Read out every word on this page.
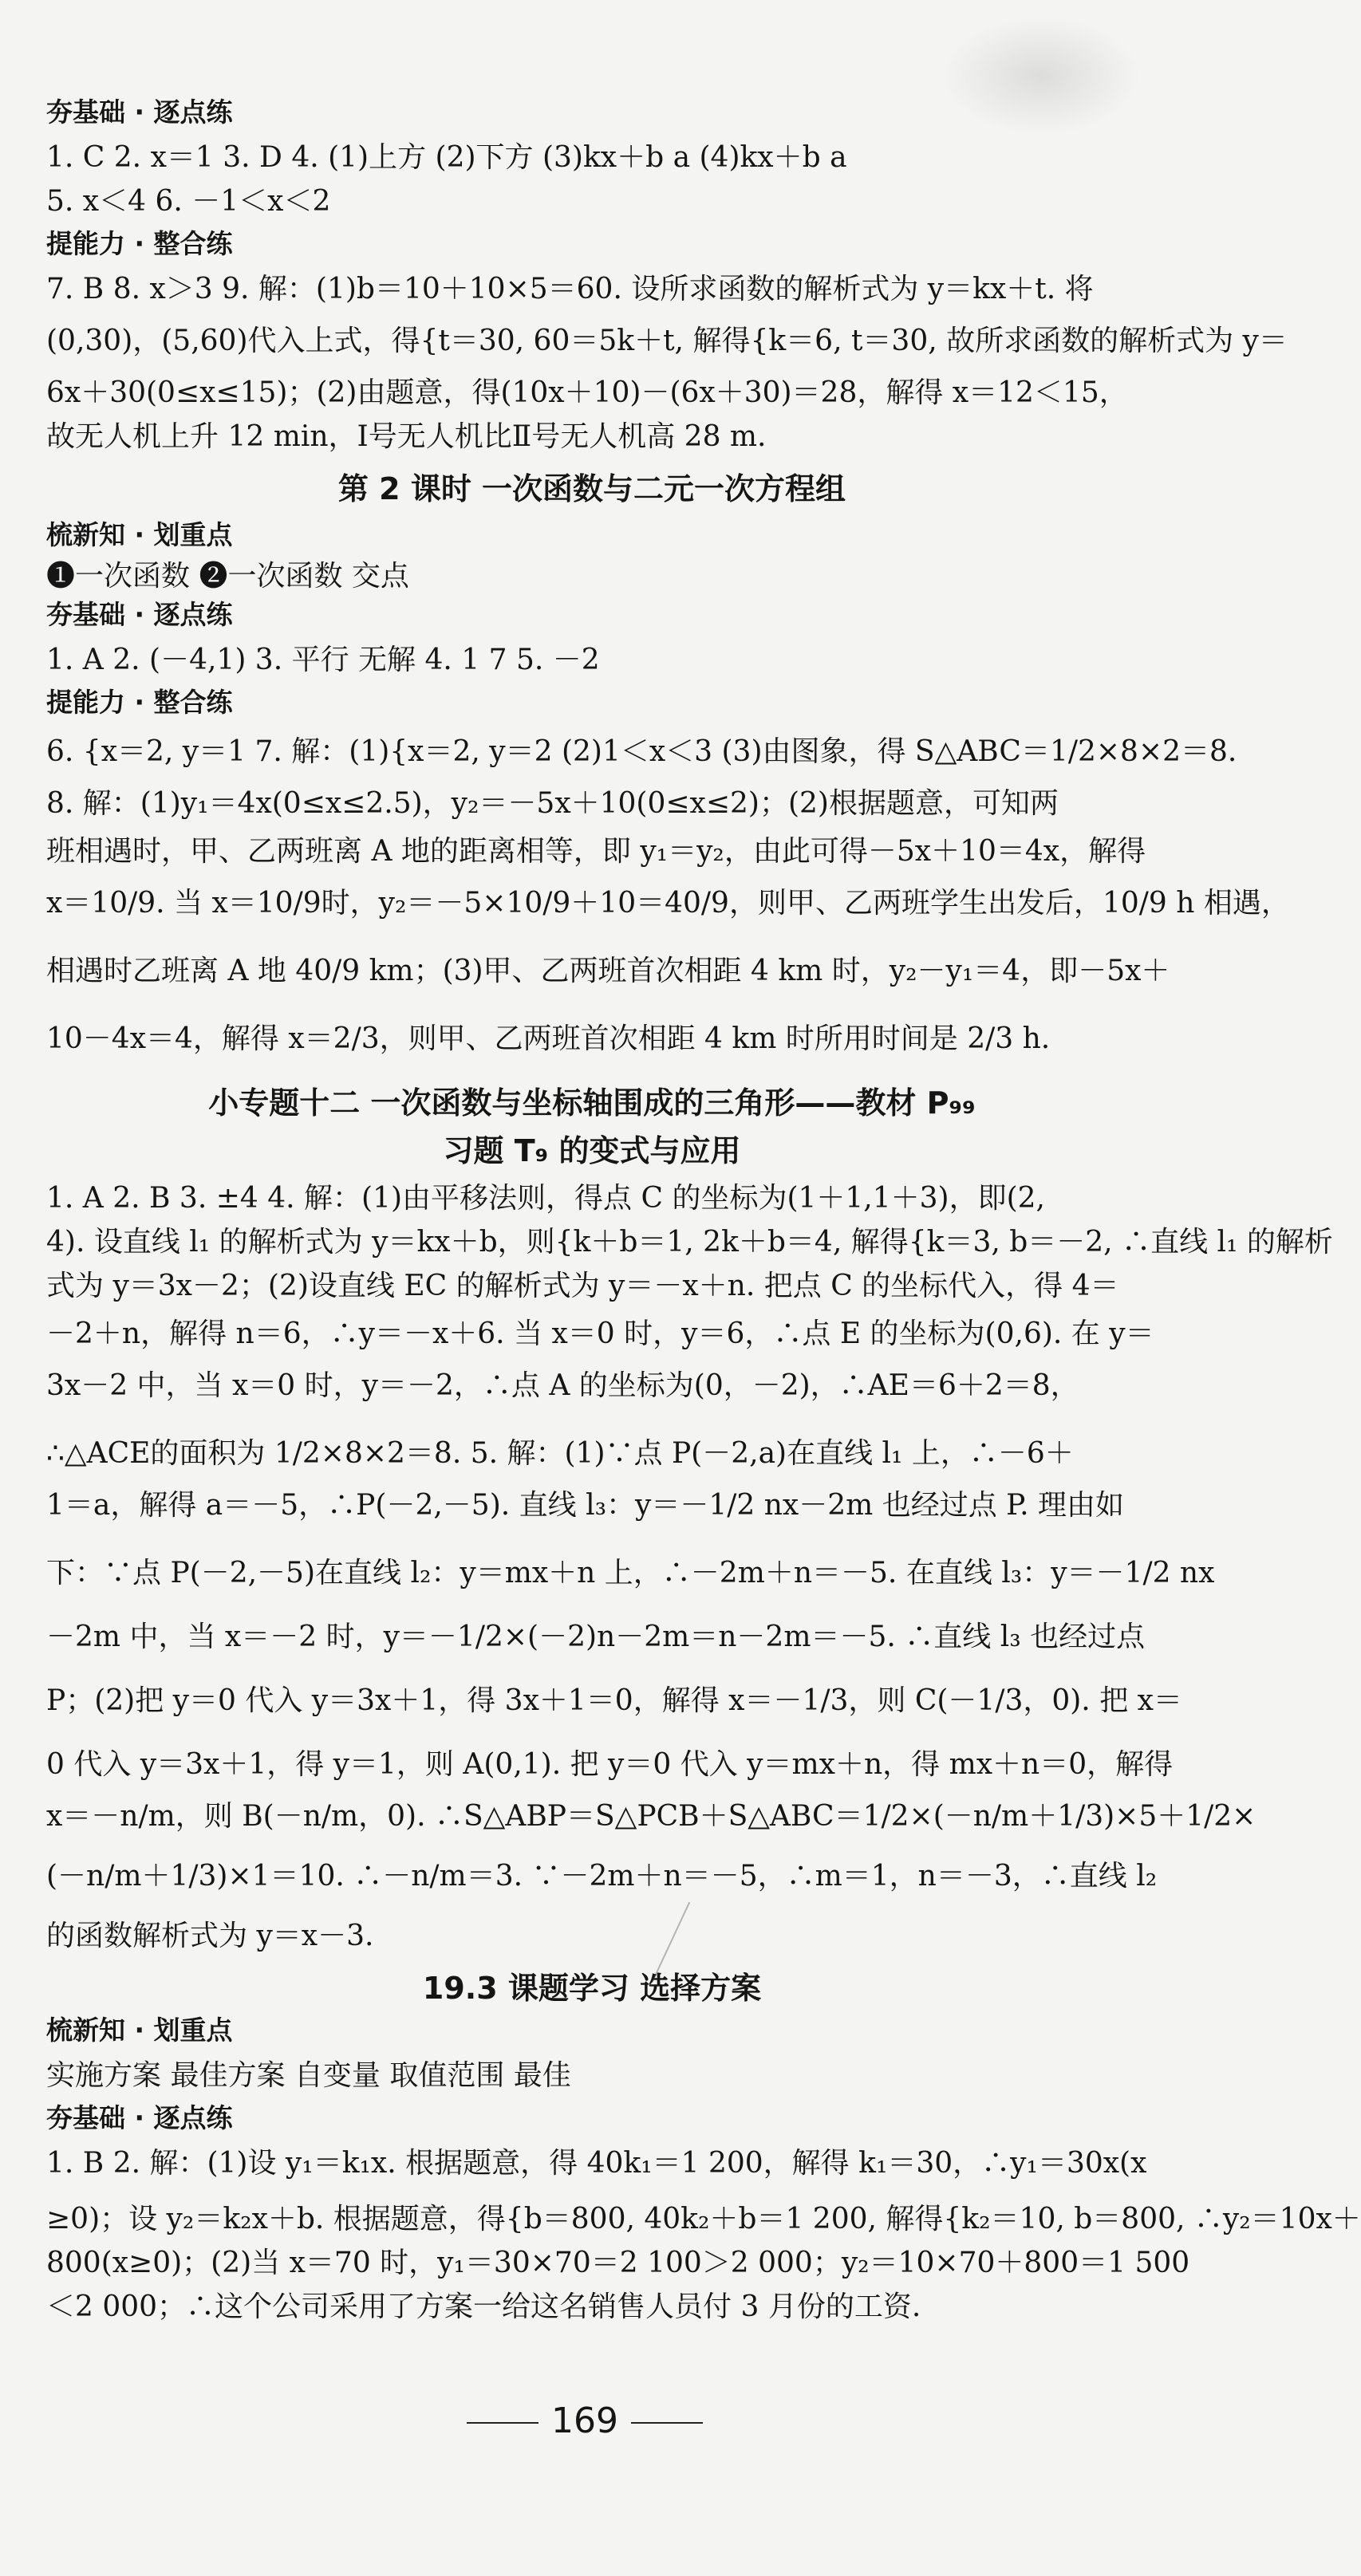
夯基础 · 逐点练
1. C 2. x＝1 3. D 4. (1)上方 (2)下方 (3)kx＋b a (4)kx＋b a
5. x＜4 6. －1＜x＜2
提能力 · 整合练
7. B 8. x＞3 9. 解：(1)b＝10＋10×5＝60. 设所求函数的解析式为 y＝kx＋t. 将
(0,30)，(5,60)代入上式，得{t＝30, 60＝5k＋t, 解得{k＝6, t＝30, 故所求函数的解析式为 y＝
6x＋30(0≤x≤15)；(2)由题意，得(10x＋10)－(6x＋30)＝28，解得 x＝12＜15，
故无人机上升 12 min，Ⅰ号无人机比Ⅱ号无人机高 28 m.
第 2 课时 一次函数与二元一次方程组
梳新知 · 划重点
❶一次函数 ❷一次函数 交点
夯基础 · 逐点练
1. A 2. (－4,1) 3. 平行 无解 4. 1 7 5. －2
提能力 · 整合练
6. {x＝2, y＝1 7. 解：(1){x＝2, y＝2 (2)1＜x＜3 (3)由图象，得 S△ABC＝1/2×8×2＝8.
8. 解：(1)y₁＝4x(0≤x≤2.5)，y₂＝－5x＋10(0≤x≤2)；(2)根据题意，可知两
班相遇时，甲、乙两班离 A 地的距离相等，即 y₁＝y₂，由此可得－5x＋10＝4x，解得
x＝10/9. 当 x＝10/9时，y₂＝－5×10/9＋10＝40/9，则甲、乙两班学生出发后，10/9 h 相遇，
相遇时乙班离 A 地 40/9 km；(3)甲、乙两班首次相距 4 km 时，y₂－y₁＝4，即－5x＋
10－4x＝4，解得 x＝2/3，则甲、乙两班首次相距 4 km 时所用时间是 2/3 h.
小专题十二 一次函数与坐标轴围成的三角形——教材 P₉₉
习题 T₉ 的变式与应用
1. A 2. B 3. ±4 4. 解：(1)由平移法则，得点 C 的坐标为(1＋1,1＋3)，即(2,
4). 设直线 l₁ 的解析式为 y＝kx＋b，则{k＋b＝1, 2k＋b＝4, 解得{k＝3, b＝－2, ∴直线 l₁ 的解析
式为 y＝3x－2；(2)设直线 EC 的解析式为 y＝－x＋n. 把点 C 的坐标代入，得 4＝
－2＋n，解得 n＝6，∴y＝－x＋6. 当 x＝0 时，y＝6，∴点 E 的坐标为(0,6). 在 y＝
3x－2 中，当 x＝0 时，y＝－2，∴点 A 的坐标为(0，－2)，∴AE＝6＋2＝8，
∴△ACE的面积为 1/2×8×2＝8. 5. 解：(1)∵点 P(－2,a)在直线 l₁ 上，∴－6＋
1＝a，解得 a＝－5，∴P(－2,－5). 直线 l₃：y＝－1/2 nx－2m 也经过点 P. 理由如
下：∵点 P(－2,－5)在直线 l₂：y＝mx＋n 上，∴－2m＋n＝－5. 在直线 l₃：y＝－1/2 nx
－2m 中，当 x＝－2 时，y＝－1/2×(－2)n－2m＝n－2m＝－5. ∴直线 l₃ 也经过点
P；(2)把 y＝0 代入 y＝3x＋1，得 3x＋1＝0，解得 x＝－1/3，则 C(－1/3，0). 把 x＝
0 代入 y＝3x＋1，得 y＝1，则 A(0,1). 把 y＝0 代入 y＝mx＋n，得 mx＋n＝0，解得
x＝－n/m，则 B(－n/m，0). ∴S△ABP＝S△PCB＋S△ABC＝1/2×(－n/m＋1/3)×5＋1/2×
(－n/m＋1/3)×1＝10. ∴－n/m＝3. ∵－2m＋n＝－5，∴m＝1，n＝－3，∴直线 l₂
的函数解析式为 y＝x－3.
19.3 课题学习 选择方案
梳新知 · 划重点
实施方案 最佳方案 自变量 取值范围 最佳
夯基础 · 逐点练
1. B 2. 解：(1)设 y₁＝k₁x. 根据题意，得 40k₁＝1 200，解得 k₁＝30，∴y₁＝30x(x
≥0)；设 y₂＝k₂x＋b. 根据题意，得{b＝800, 40k₂＋b＝1 200, 解得{k₂＝10, b＝800, ∴y₂＝10x＋
800(x≥0)；(2)当 x＝70 时，y₁＝30×70＝2 100＞2 000；y₂＝10×70＋800＝1 500
＜2 000；∴这个公司采用了方案一给这名销售人员付 3 月份的工资.
169
